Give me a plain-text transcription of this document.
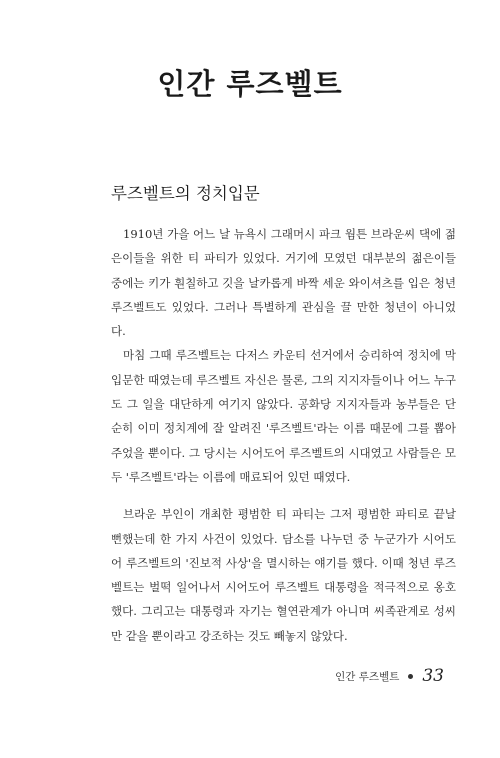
인간 루즈벨트
루즈벨트의 정치입문

1910년 가을 어느 날 뉴욕시 그래머시 파크 웜튼 브라운씨 댁에 젊은이들을 위한 티 파티가 있었다. 거기에 모였던 대부분의 젊은이들 중에는 키가 훤칠하고 깃을 날카롭게 바짝 세운 와이셔츠를 입은 청년 루즈벨트도 있었다. 그러나 특별하게 관심을 끌 만한 청년이 아니었다.

마침 그때 루즈벨트는 다저스 카운티 선거에서 승리하여 정치에 막 입문한 때였는데 루즈벨트 자신은 물론, 그의 지지자들이나 어느 누구도 그 일을 대단하게 여기지 않았다. 공화당 지지자들과 농부들은 단순히 이미 정치계에 잘 알려진 '루즈벨트'라는 이름 때문에 그를 뽑아 주었을 뿐이다. 그 당시는 시어도어 루즈벨트의 시대였고 사람들은 모두 '루즈벨트'라는 이름에 매료되어 있던 때였다.

브라운 부인이 개최한 평범한 티 파티는 그저 평범한 파티로 끝날 뻔했는데 한 가지 사건이 있었다. 담소를 나누던 중 누군가가 시어도어 루즈벨트의 '진보적 사상'을 멸시하는 얘기를 했다. 이때 청년 루즈벨트는 벌떡 일어나서 시어도어 루즈벨트 대통령을 적극적으로 옹호했다. 그리고는 대통령과 자기는 혈연관계가 아니며 씨족관계로 성씨만 같을 뿐이라고 강조하는 것도 빼놓지 않았다.

인간 루즈벨트 33
